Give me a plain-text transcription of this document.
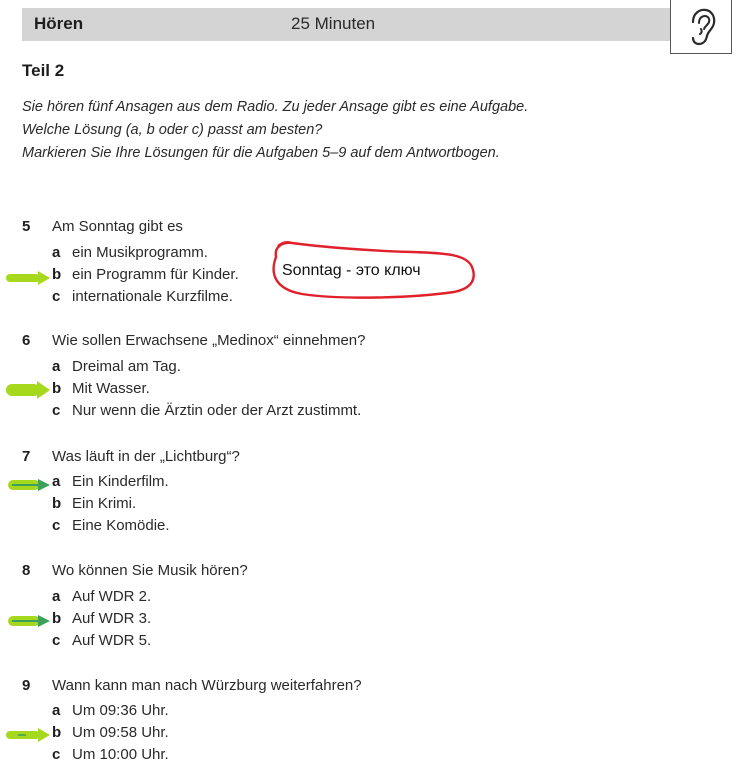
Hören	25 Minuten
Teil 2
Sie hören fünf Ansagen aus dem Radio. Zu jeder Ansage gibt es eine Aufgabe.
Welche Lösung (a, b oder c) passt am besten?
Markieren Sie Ihre Lösungen für die Aufgaben 5–9 auf dem Antwortbogen.
5 Am Sonntag gibt es
a ein Musikprogramm.
b ein Programm für Kinder.
c internationale Kurzfilme.
6 Wie sollen Erwachsene „Medinox“ einnehmen?
a Dreimal am Tag.
b Mit Wasser.
c Nur wenn die Ärztin oder der Arzt zustimmt.
7 Was läuft in der „Lichtburg“?
a Ein Kinderfilm.
b Ein Krimi.
c Eine Komödie.
8 Wo können Sie Musik hören?
a Auf WDR 2.
b Auf WDR 3.
c Auf WDR 5.
9 Wann kann man nach Würzburg weiterfahren?
a Um 09:36 Uhr.
b Um 09:58 Uhr.
c Um 10:00 Uhr.
Sonntag - это ключ
